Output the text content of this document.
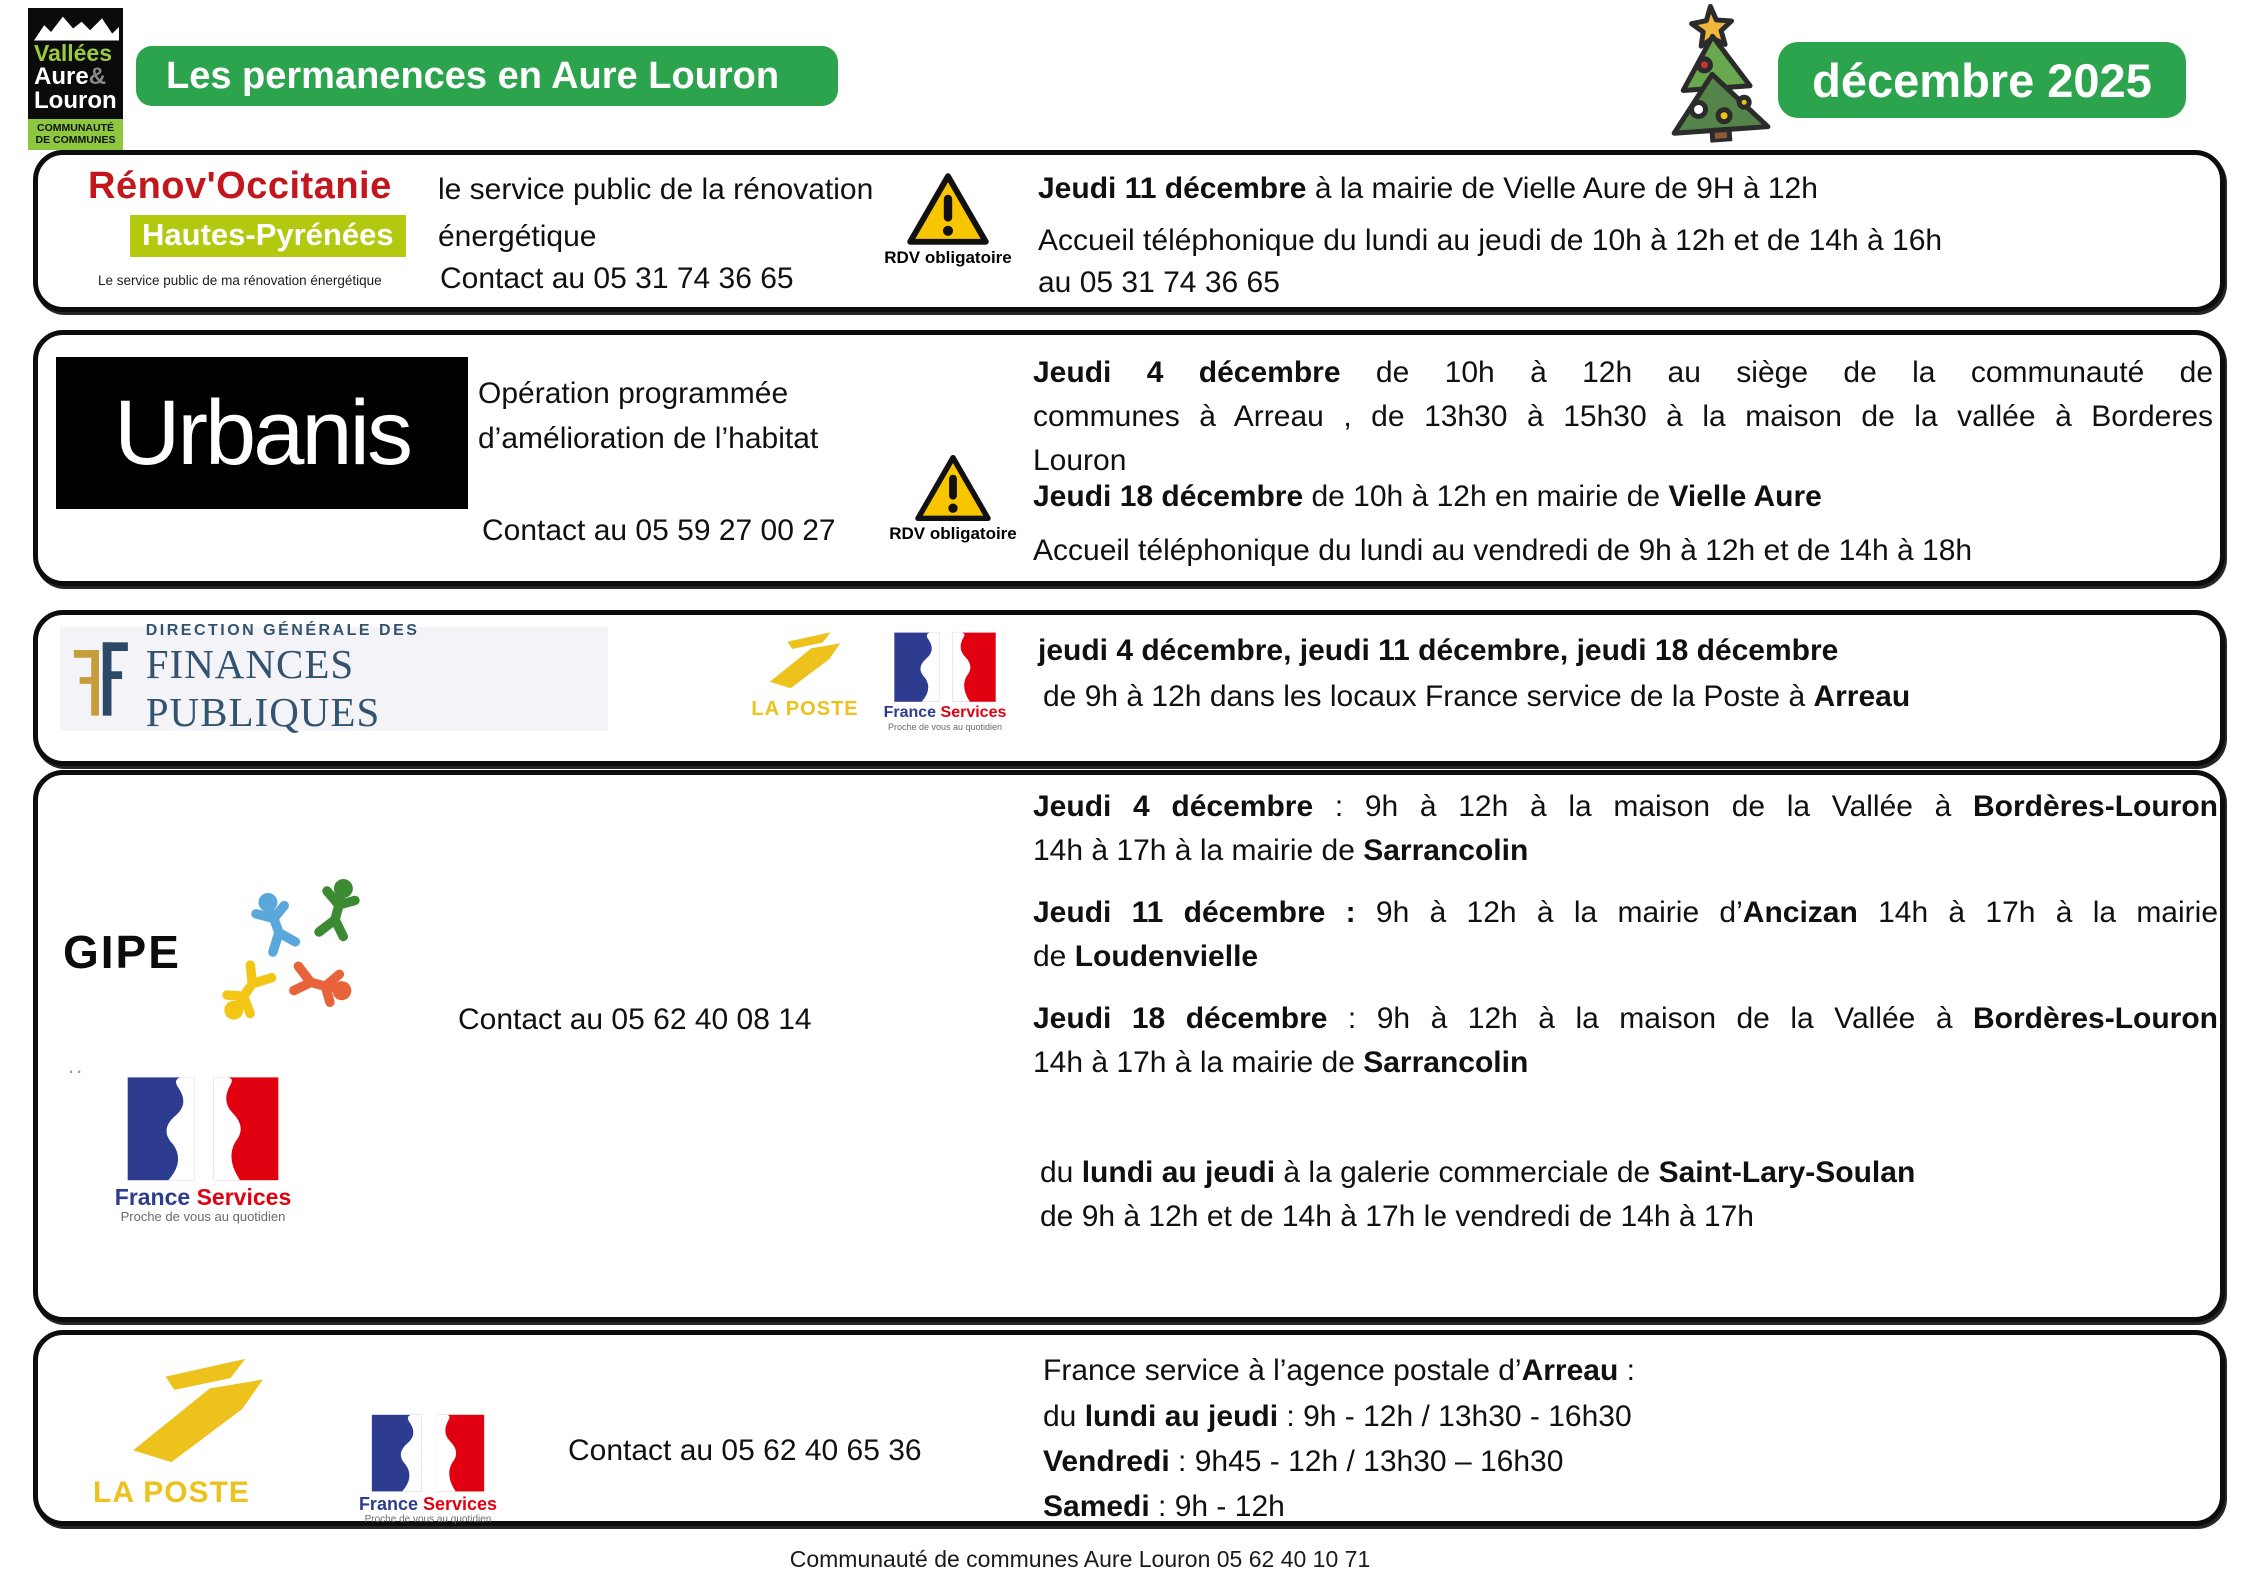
Vallées
Aure&
Louron
COMMUNAUTÉ
DE COMMUNES
Les permanences en Aure Louron	décembre 2025
Rénov'Occitanie
Hautes-Pyrénées
Le service public de ma rénovation énergétique
le service public de la rénovation énergétique
Contact au 05 31 74 36 65
RDV obligatoire
Jeudi 11 décembre à la mairie de Vielle Aure de 9H à 12h
Accueil téléphonique du lundi au jeudi de 10h à 12h et de 14h à 16h
au 05 31 74 36 65
Urbanis	Opération programmée d’amélioration de l’habitat
Contact au 05 59 27 00 27	RDV obligatoire
Jeudi 4 décembre de 10h à 12h au siège de la communauté de
communes à Arreau , de 13h30 à 15h30 à la maison de la vallée à Borderes
Louron
Jeudi 18 décembre de 10h à 12h en mairie de Vielle Aure
Accueil téléphonique du lundi au vendredi de 9h à 12h et de 14h à 18h
DIRECTION GÉNÉRALE DES
FINANCES PUBLIQUES	LA POSTE France Services
Proche de vous au quotidien
jeudi 4 décembre, jeudi 11 décembre, jeudi 18 décembre
de 9h à 12h dans les locaux France service de la Poste à Arreau
GIPE
..
France Services
Proche de vous au quotidien
Contact au 05 62 40 08 14
Jeudi 4 décembre : 9h à 12h à la maison de la Vallée à Bordères-Louron
14h à 17h à la mairie de Sarrancolin
Jeudi 11 décembre : 9h à 12h à la mairie d’Ancizan 14h à 17h à la mairie
de Loudenvielle
Jeudi 18 décembre : 9h à 12h à la maison de la Vallée à Bordères-Louron
14h à 17h à la mairie de Sarrancolin
du lundi au jeudi à la galerie commerciale de Saint-Lary-Soulan
de 9h à 12h et de 14h à 17h le vendredi de 14h à 17h
LA POSTE	France Services
Proche de vous au quotidien
Contact au 05 62 40 65 36
France service à l’agence postale d’Arreau :
du lundi au jeudi : 9h - 12h / 13h30 - 16h30
Vendredi : 9h45 - 12h / 13h30 – 16h30
Samedi : 9h - 12h
Communauté de communes Aure Louron 05 62 40 10 71
